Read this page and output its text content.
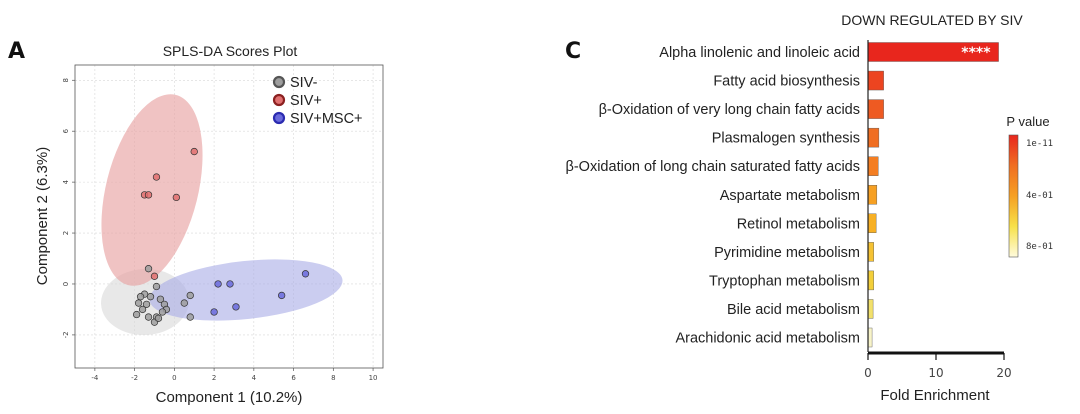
A	SPLS-DA Scores Plot
-4	-2	0	2	4	6	8	10
-2
0
2
4
6
8
Component 1 (10.2%)
Component 2 (6.3%)
SIV-
SIV+
SIV+MSC+
C
DOWN REGULATED BY SIV
Alpha linolenic and linoleic acid
Fatty acid biosynthesis
β-Oxidation of very long chain fatty acids
Plasmalogen synthesis
β-Oxidation of long chain saturated fatty acids
Aspartate metabolism
Retinol metabolism
Pyrimidine metabolism
Tryptophan metabolism
Bile acid metabolism
Arachidonic acid metabolism
****
0	10	20
Fold Enrichment
P value
1e-11
4e-01
8e-01
